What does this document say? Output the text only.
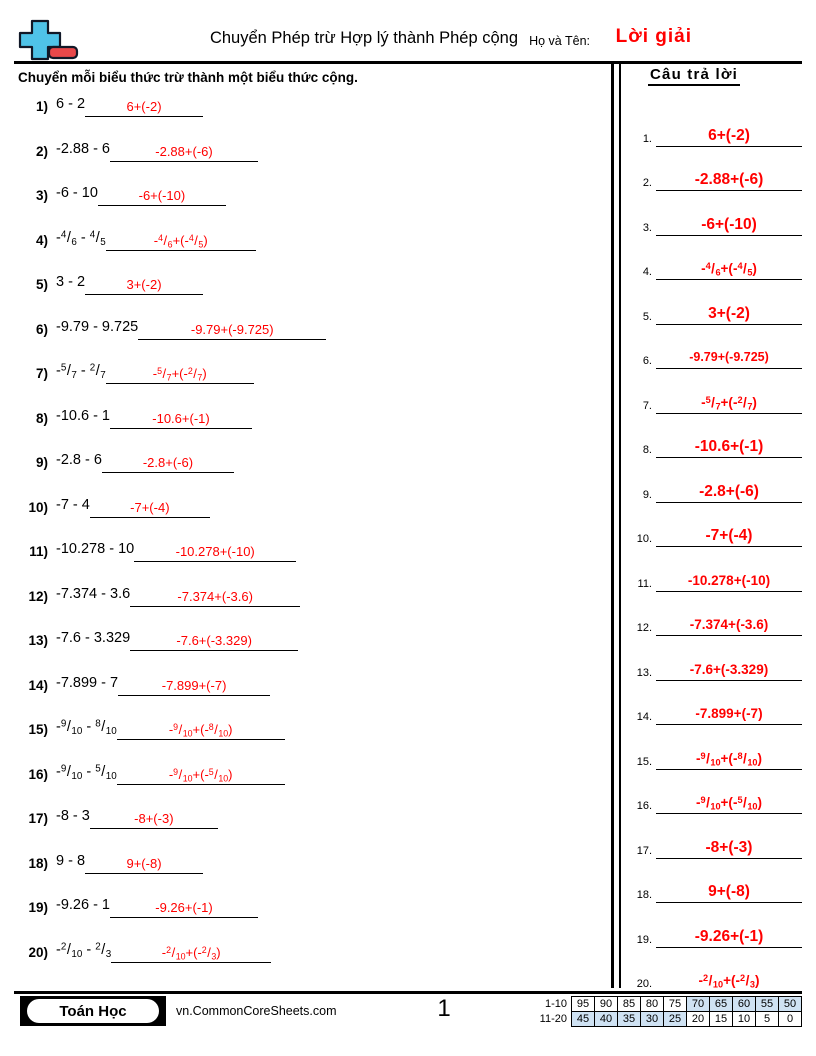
Chuyển Phép trừ Hợp lý thành Phép cộng Họ và Tên: Lời giải
Chuyển mỗi biểu thức trừ thành một biểu thức cộng.
1) 6 - 2	6+(-2)
2) -2.88 - 6	-2.88+(-6)
3) -6 - 10	-6+(-10)
4) $-^4/_6 - ^4/_5$	$-^4/_6+(-^4/_5)$
5) 3 - 2	3+(-2)
6) -9.79 - 9.725	-9.79+(-9.725)
7) $-^5/_7 - ^2/_7$	$-^5/_7+(-^2/_7)$
8) -10.6 - 1	-10.6+(-1)
9) -2.8 - 6	-2.8+(-6)
10) -7 - 4	-7+(-4)
11) -10.278 - 10	-10.278+(-10)
12) -7.374 - 3.6	-7.374+(-3.6)
13) -7.6 - 3.329	-7.6+(-3.329)
14) -7.899 - 7	-7.899+(-7)
15) $-^9/_{10} - ^8/_{10}$	$-^9/_{10}+(-^8/_{10})$
16) $-^9/_{10} - ^5/_{10}$	$-^9/_{10}+(-^5/_{10})$
17) -8 - 3	-8+(-3)
18) 9 - 8	9+(-8)
19) -9.26 - 1	-9.26+(-1)
20) $-^2/_{10} - ^2/_3$	$-^2/_{10}+(-^2/_3)$
Câu trả lời
1.	6+(-2)
2.	-2.88+(-6)
3.	-6+(-10)
4.	$-^4/_6+(-^4/_5)$
5.	3+(-2)
6.	-9.79+(-9.725)
7.	$-^5/_7+(-^2/_7)$
8.	-10.6+(-1)
9.	-2.8+(-6)
10.	-7+(-4)
11.	-10.278+(-10)
12.	-7.374+(-3.6)
13.	-7.6+(-3.329)
14.	-7.899+(-7)
15.	$-^9/_{10}+(-^8/_{10})$
16.	$-^9/_{10}+(-^5/_{10})$
17.	-8+(-3)
18.	9+(-8)
19.	-9.26+(-1)
20.	$-^2/_{10}+(-^2/_3)$
Toán Học	vn.CommonCoreSheets.com	1	1-10	95	90	85	80	75	70	65	60	55	50
11-20	45	40	35	30	25	20	15	10	5	0
